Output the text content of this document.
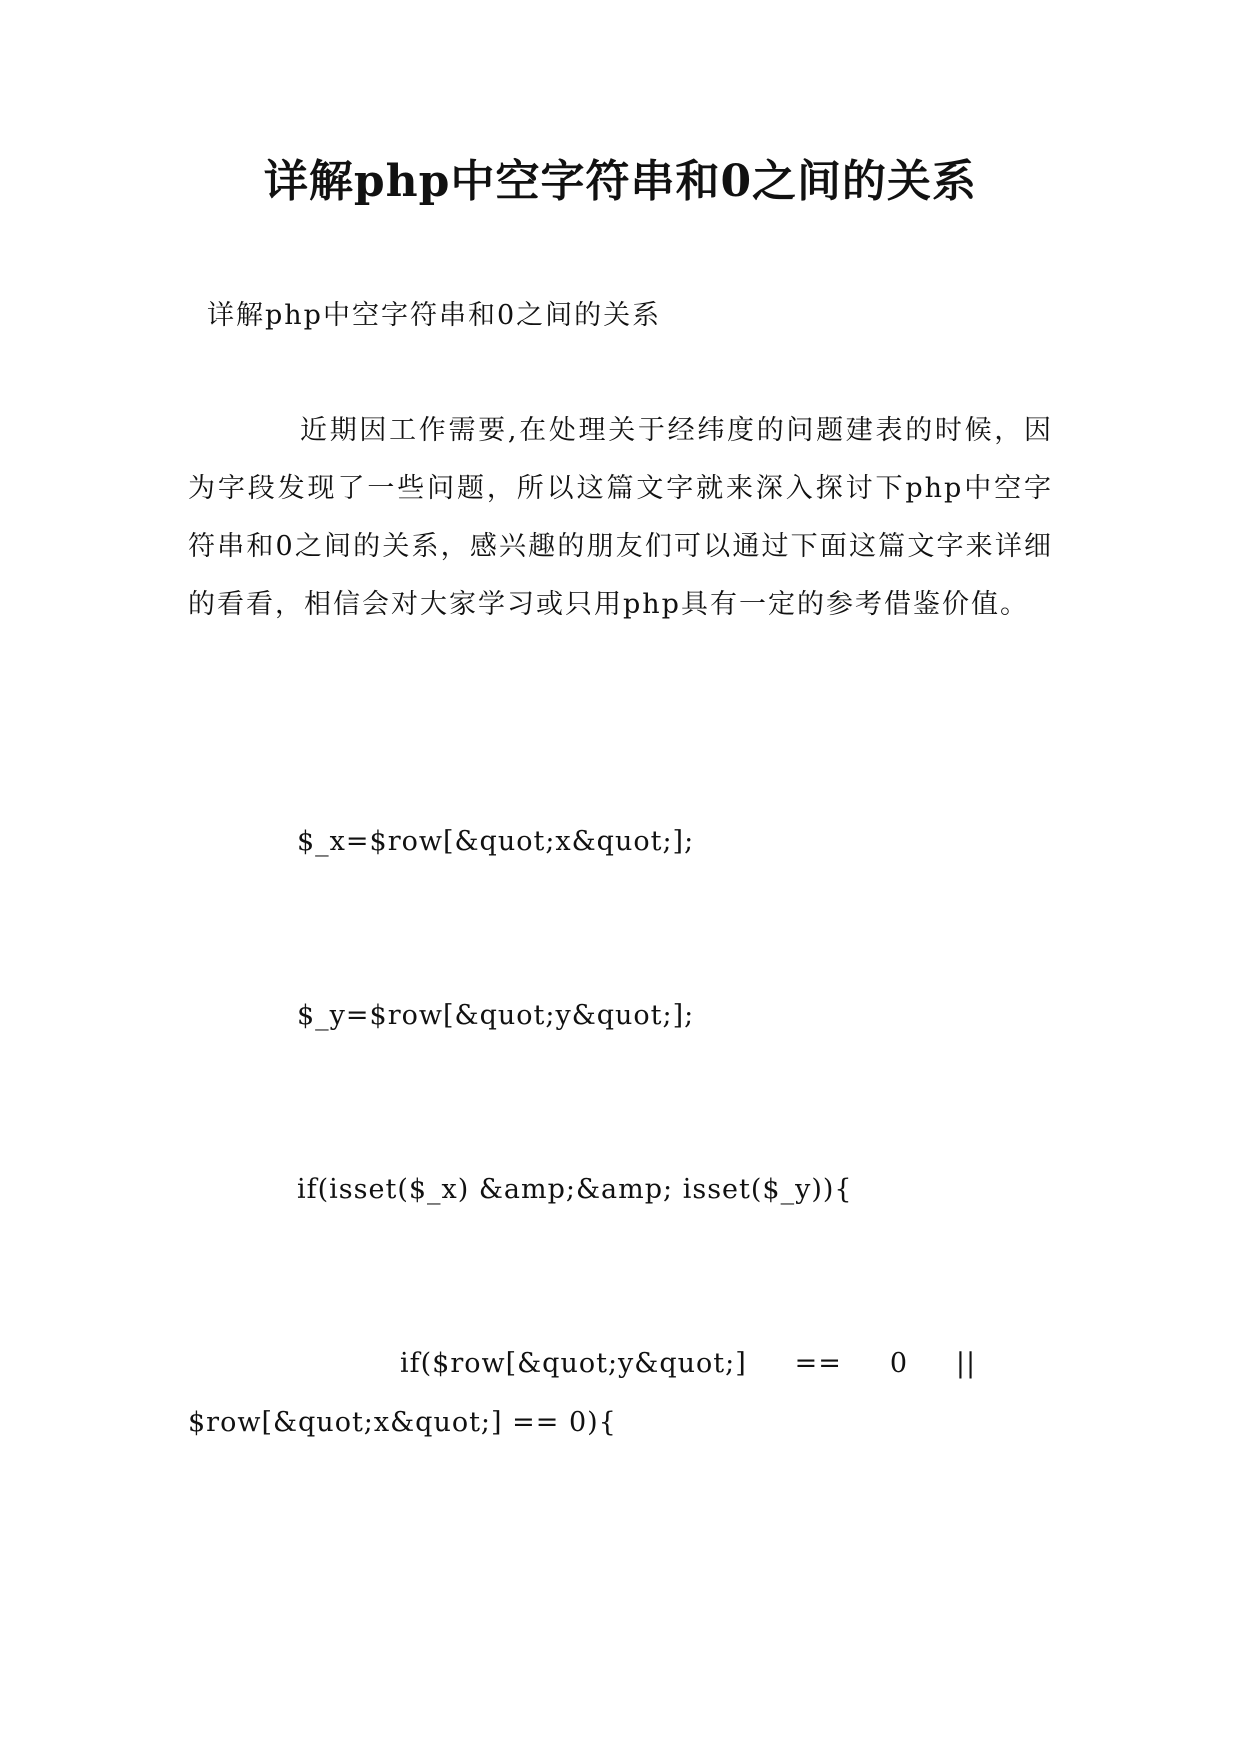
详解php中空字符串和0之间的关系
详解php中空字符串和0之间的关系
近期因工作需要,在处理关于经纬度的问题建表的时候，因为字段发现了一些问题，所以这篇文字就来深入探讨下php中空字符串和0之间的关系，感兴趣的朋友们可以通过下面这篇文字来详细的看看，相信会对大家学习或只用php具有一定的参考借鉴价值。
$_x=$row[&quot;x&quot;];
$_y=$row[&quot;y&quot;];
if(isset($_x) &amp;&amp; isset($_y)){
if($row[&quot;y&quot;]     ==     0     ||
$row[&quot;x&quot;] == 0){
